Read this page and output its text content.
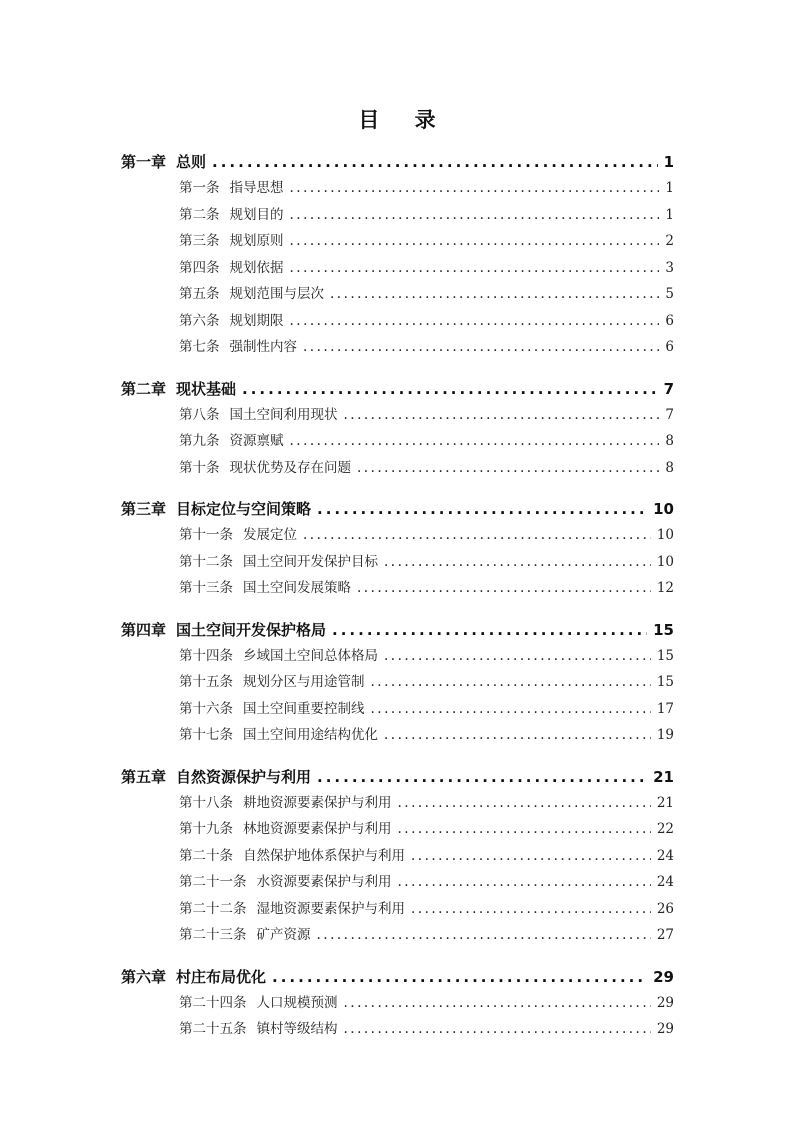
目 录
第一章 总则 .....	1
第一条 指导思想 .....	1
第二条 规划目的 .....	1
第三条 规划原则 .....	2
第四条 规划依据 .....	3
第五条 规划范围与层次 .....	5
第六条 规划期限 .....	6
第七条 强制性内容 .....	6
第二章 现状基础 .....	7
第八条 国土空间利用现状 .....	7
第九条 资源禀赋 .....	8
第十条 现状优势及存在问题 .....	8
第三章 目标定位与空间策略 .....	10
第十一条 发展定位 .....	10
第十二条 国土空间开发保护目标 .....	10
第十三条 国土空间发展策略 .....	12
第四章 国土空间开发保护格局 .....	15
第十四条 乡域国土空间总体格局 .....	15
第十五条 规划分区与用途管制 .....	15
第十六条 国土空间重要控制线 .....	17
第十七条 国土空间用途结构优化 .....	19
第五章 自然资源保护与利用 .....	21
第十八条 耕地资源要素保护与利用 .....	21
第十九条 林地资源要素保护与利用 .....	22
第二十条 自然保护地体系保护与利用 .....	24
第二十一条 水资源要素保护与利用 .....	24
第二十二条 湿地资源要素保护与利用 .....	26
第二十三条 矿产资源 .....	27
第六章 村庄布局优化 .....	29
第二十四条 人口规模预测 .....	29
第二十五条 镇村等级结构 .....	29
